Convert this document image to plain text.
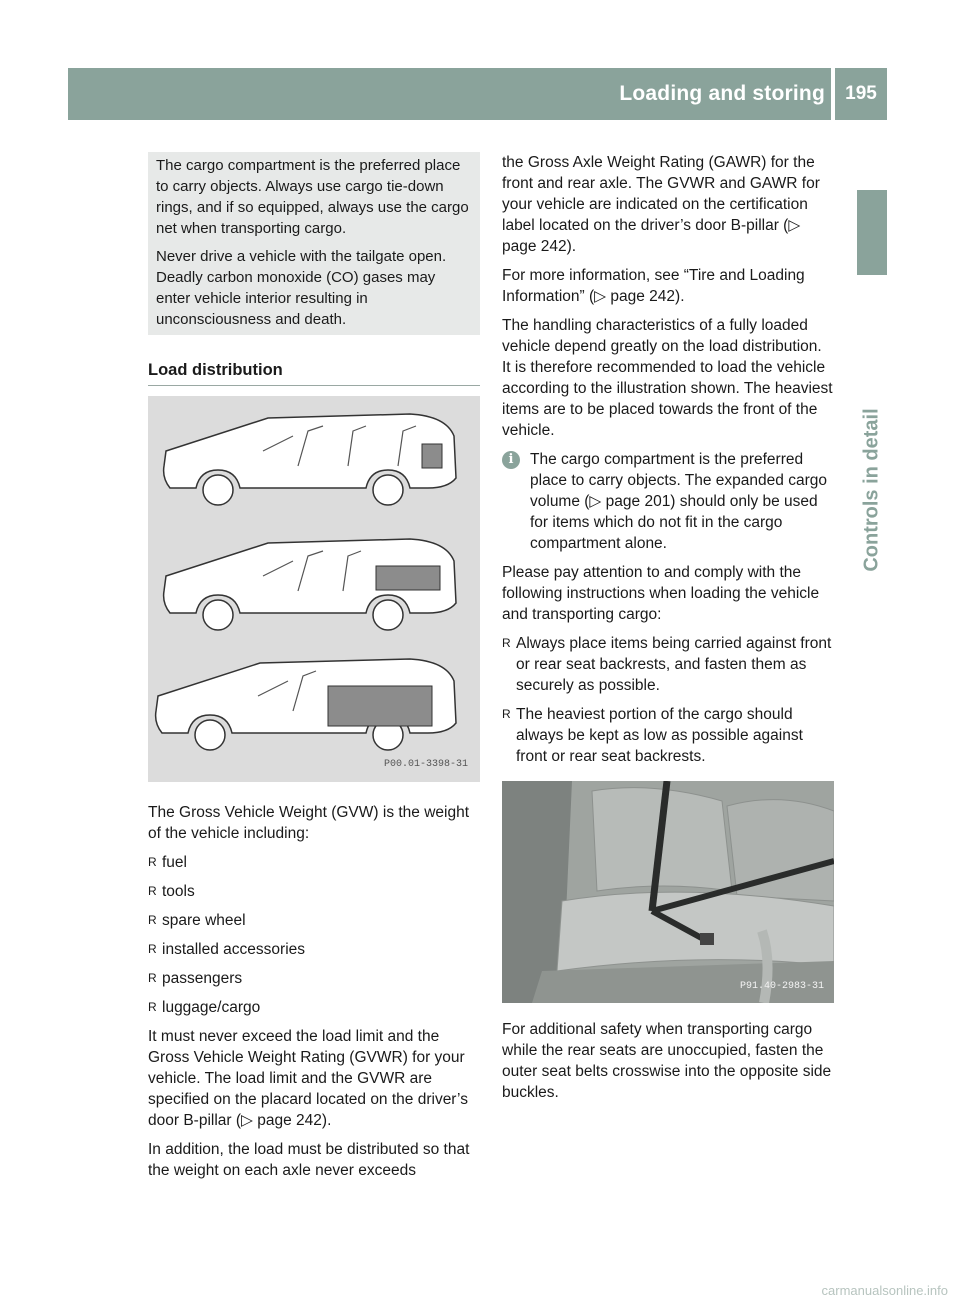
Loading and storing	195
Controls in detail

The cargo compartment is the preferred place to carry objects. Always use cargo tie-down rings, and if so equipped, always use the cargo net when transporting cargo.

Never drive a vehicle with the tailgate open. Deadly carbon monoxide (CO) gases may enter vehicle interior resulting in unconsciousness and death.

Load distribution
P00.01-3398-31

The Gross Vehicle Weight (GVW) is the weight of the vehicle including:

R fuel
R tools
R spare wheel
R installed accessories
R passengers
R luggage/cargo

It must never exceed the load limit and the Gross Vehicle Weight Rating (GVWR) for your vehicle. The load limit and the GVWR are specified on the placard located on the driver’s door B-pillar (▷ page 242).

In addition, the load must be distributed so that the weight on each axle never exceeds

the Gross Axle Weight Rating (GAWR) for the front and rear axle. The GVWR and GAWR for your vehicle are indicated on the certification label located on the driver’s door B-pillar (▷ page 242).

For more information, see “Tire and Loading Information” (▷ page 242).

The handling characteristics of a fully loaded vehicle depend greatly on the load distribution. It is therefore recommended to load the vehicle according to the illustration shown. The heaviest items are to be placed towards the front of the vehicle.

i	The cargo compartment is the preferred place to carry objects. The expanded cargo volume (▷ page 201) should only be used for items which do not fit in the cargo compartment alone.

Please pay attention to and comply with the following instructions when loading the vehicle and transporting cargo:

R Always place items being carried against front or rear seat backrests, and fasten them as securely as possible.
R The heaviest portion of the cargo should always be kept as low as possible against front or rear seat backrests.
P91.40-2983-31

For additional safety when transporting cargo while the rear seats are unoccupied, fasten the outer seat belts crosswise into the opposite side buckles.

carmanualsonline.info
